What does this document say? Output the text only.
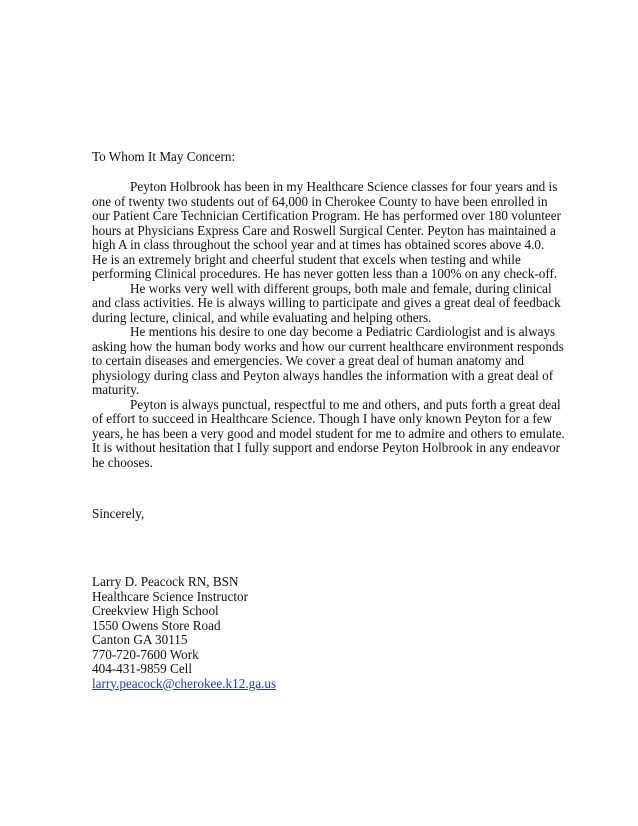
To Whom It May Concern:
Peyton Holbrook has been in my Healthcare Science classes for four years and is
one of twenty two students out of 64,000 in Cherokee County to have been enrolled in
our Patient Care Technician Certification Program. He has performed over 180 volunteer
hours at Physicians Express Care and Roswell Surgical Center. Peyton has maintained a
high A in class throughout the school year and at times has obtained scores above 4.0.
He is an extremely bright and cheerful student that excels when testing and while
performing Clinical procedures. He has never gotten less than a 100% on any check-off.
He works very well with different groups, both male and female, during clinical
and class activities. He is always willing to participate and gives a great deal of feedback
during lecture, clinical, and while evaluating and helping others.
He mentions his desire to one day become a Pediatric Cardiologist and is always
asking how the human body works and how our current healthcare environment responds
to certain diseases and emergencies. We cover a great deal of human anatomy and
physiology during class and Peyton always handles the information with a great deal of
maturity.
Peyton is always punctual, respectful to me and others, and puts forth a great deal
of effort to succeed in Healthcare Science. Though I have only known Peyton for a few
years, he has been a very good and model student for me to admire and others to emulate.
It is without hesitation that I fully support and endorse Peyton Holbrook in any endeavor
he chooses.
Sincerely,
Larry D. Peacock RN, BSN
Healthcare Science Instructor
Creekview High School
1550 Owens Store Road
Canton GA 30115
770-720-7600 Work
404-431-9859 Cell
larry.peacock@cherokee.k12.ga.us
